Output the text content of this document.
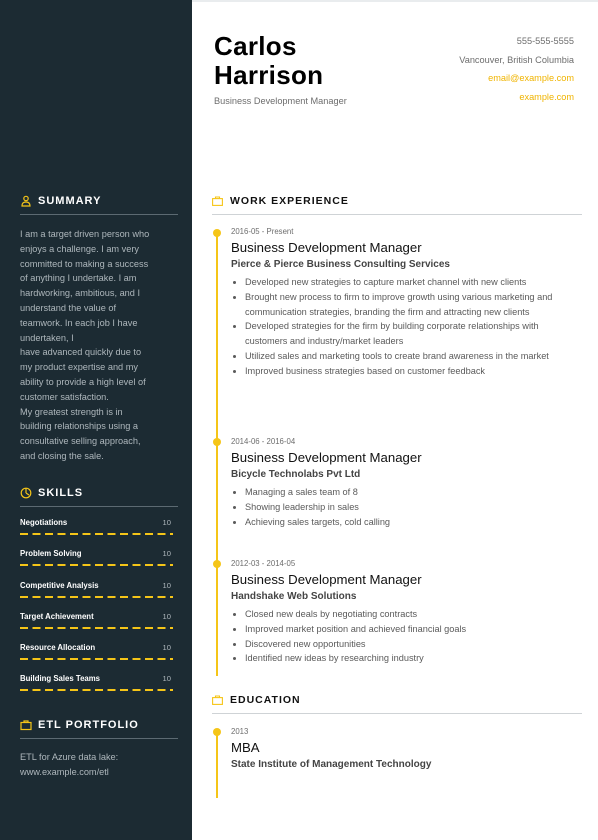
SUMMARY
I am a target driven person who
enjoys a challenge. I am very
committed to making a success
of anything I undertake. I am
hardworking, ambitious, and I
understand the value of
teamwork. In each job I have
undertaken, I
have advanced quickly due to
my product expertise and my
ability to provide a high level of
customer satisfaction.
My greatest strength is in
building relationships using a
consultative selling approach,
and closing the sale.
SKILLS
Negotiations	10
Problem Solving	10
Competitive Analysis	10
Target Achievement	10
Resource Allocation	10
Building Sales Teams	10
ETL PORTFOLIO
ETL for Azure data lake:
www.example.com/etl
Carlos
Harrison
Business Development Manager
555-555-5555
Vancouver, British Columbia
email@example.com
example.com
WORK EXPERIENCE
2016-05 - Present
Business Development Manager
Pierce & Pierce Business Consulting Services
• Developed new strategies to capture market channel with new clients
• Brought new process to firm to improve growth using various marketing and communication strategies, branding the firm and attracting new clients
• Developed strategies for the firm by building corporate relationships with customers and industry/market leaders
• Utilized sales and marketing tools to create brand awareness in the market
• Improved business strategies based on customer feedback
2014-06 - 2016-04
Business Development Manager
Bicycle Technolabs Pvt Ltd
• Managing a sales team of 8
• Showing leadership in sales
• Achieving sales targets, cold calling
2012-03 - 2014-05
Business Development Manager
Handshake Web Solutions
• Closed new deals by negotiating contracts
• Improved market position and achieved financial goals
• Discovered new opportunities
• Identified new ideas by researching industry
EDUCATION
2013
MBA
State Institute of Management Technology
